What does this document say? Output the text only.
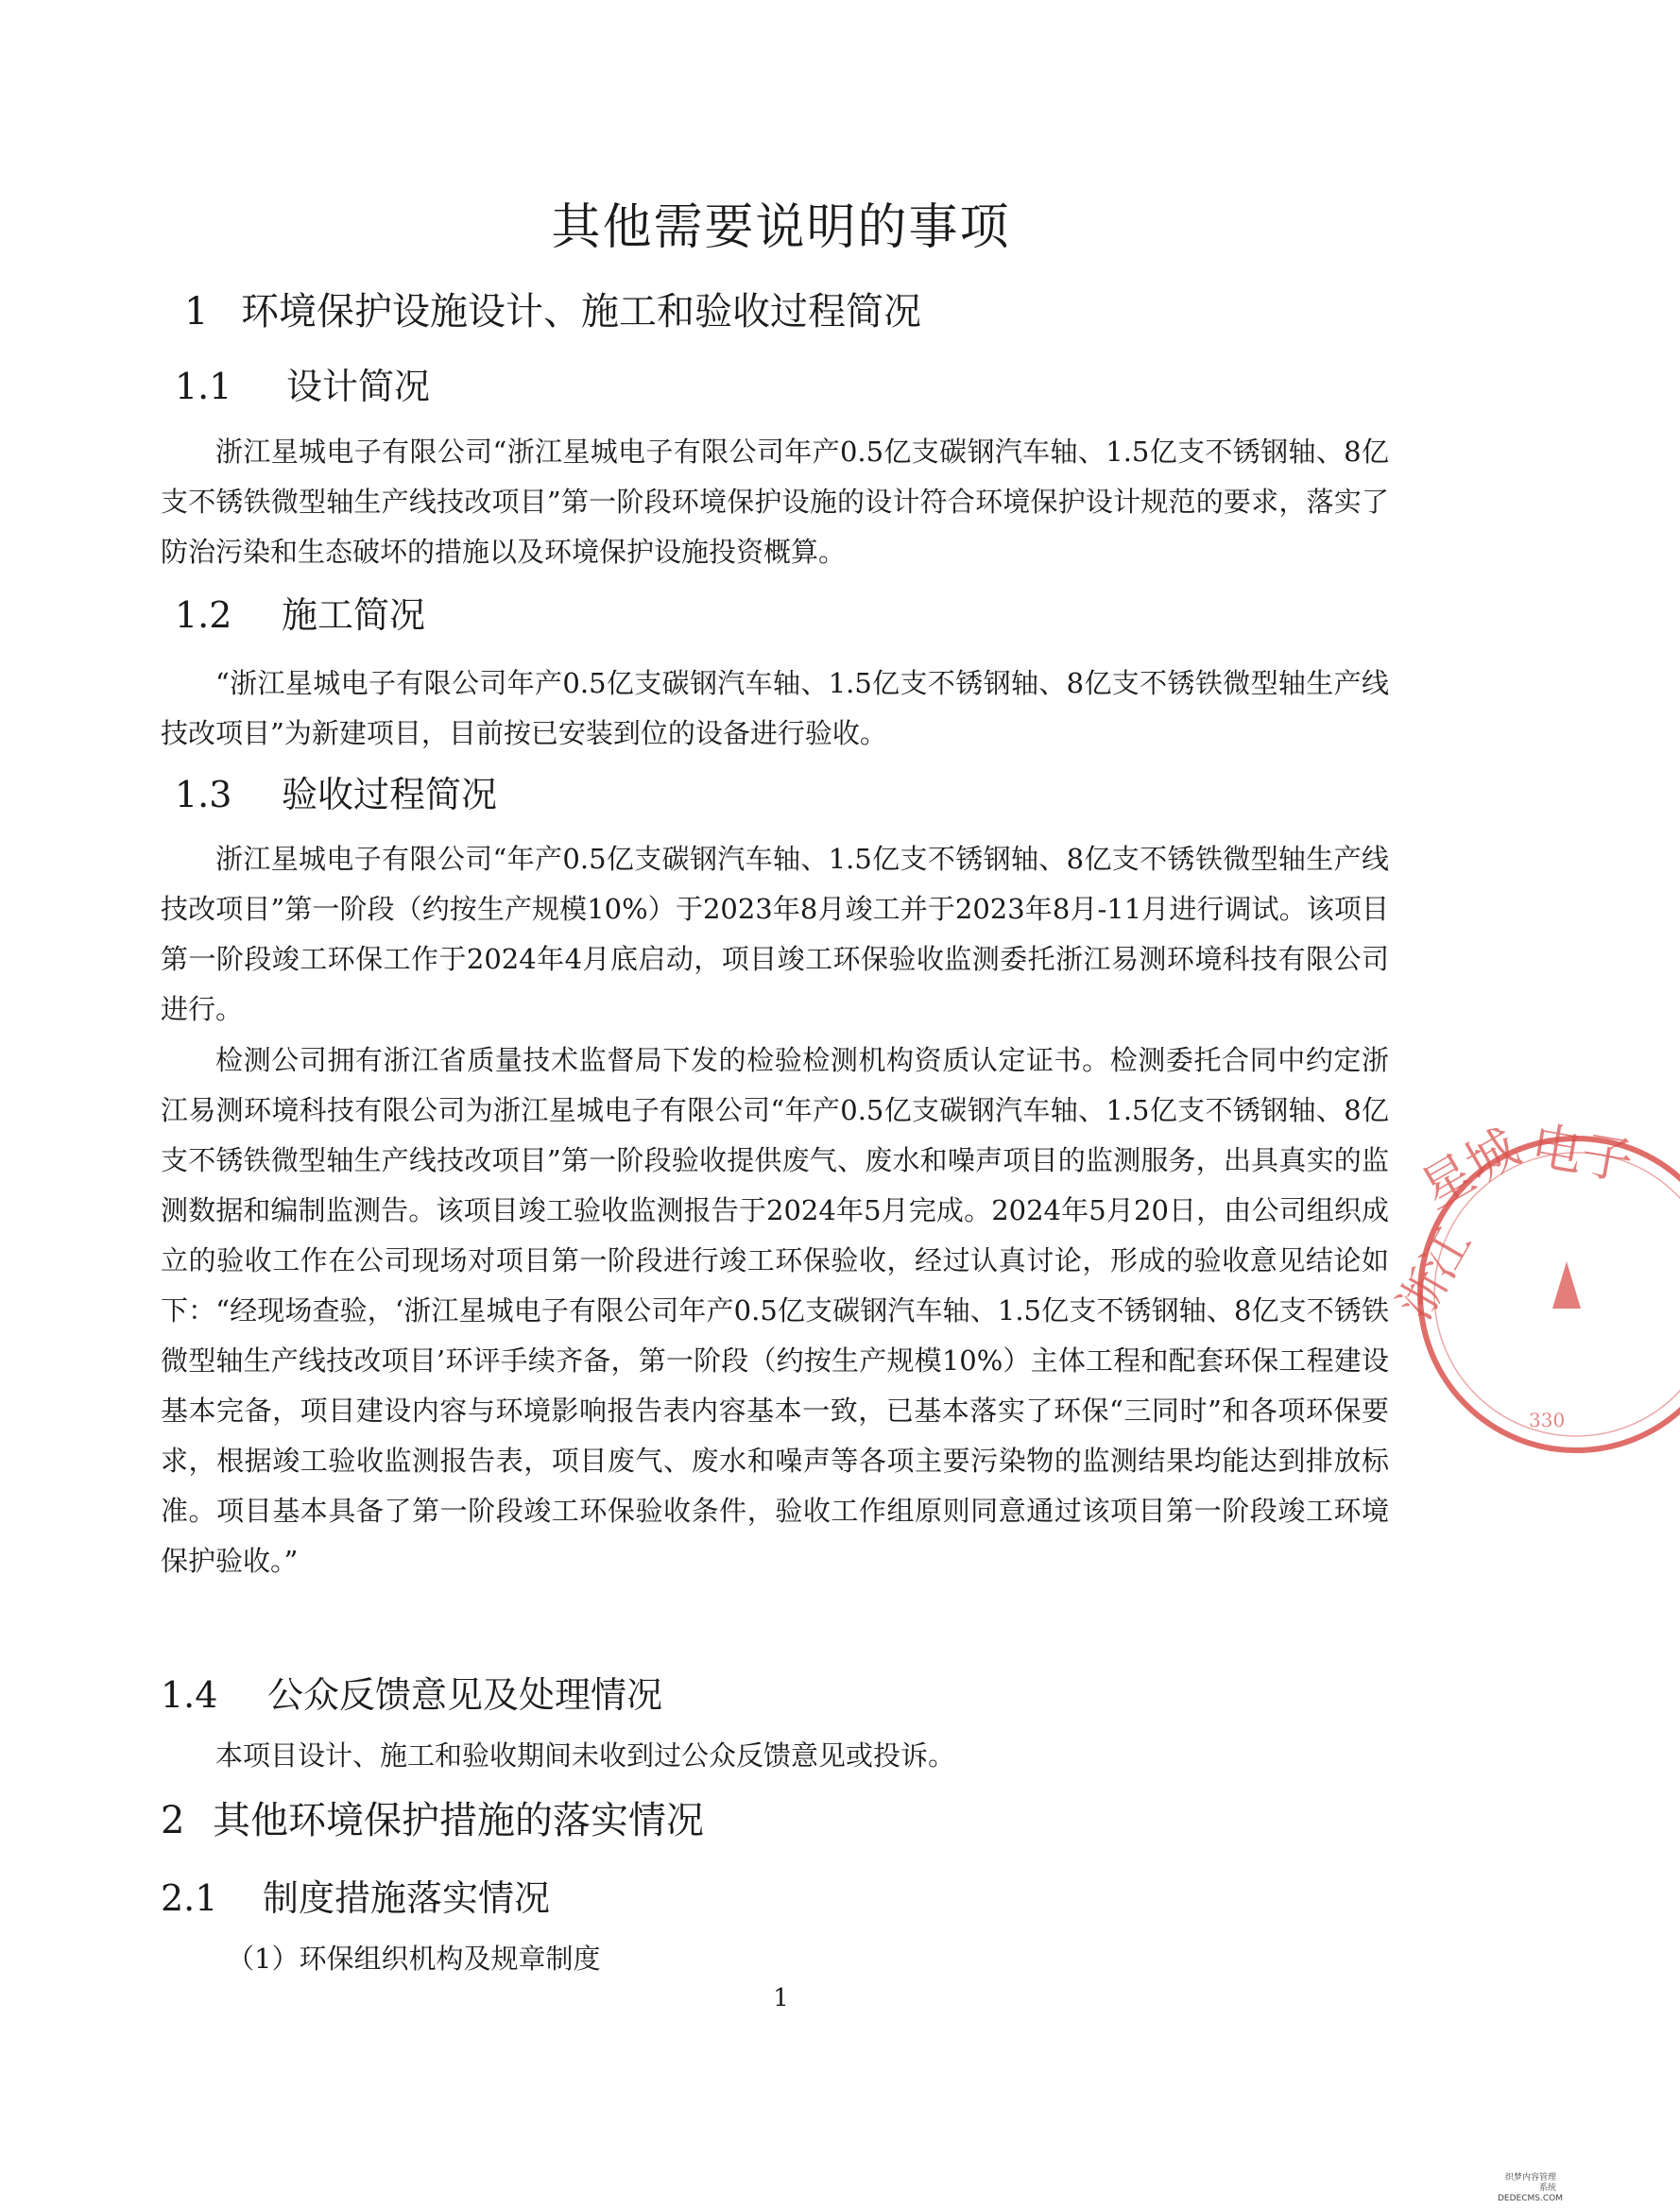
其他需要说明的事项
1 环境保护设施设计、施工和验收过程简况
1.1 设计简况
浙江星城电子有限公司“浙江星城电子有限公司年产0.5亿支碳钢汽车轴、1.5亿支不锈钢轴、8亿支不锈铁微型轴生产线技改项目”第一阶段环境保护设施的设计符合环境保护设计规范的要求，落实了防治污染和生态破坏的措施以及环境保护设施投资概算。
1.2 施工简况
“浙江星城电子有限公司年产0.5亿支碳钢汽车轴、1.5亿支不锈钢轴、8亿支不锈铁微型轴生产线技改项目”为新建项目，目前按已安装到位的设备进行验收。
1.3 验收过程简况
浙江星城电子有限公司“年产0.5亿支碳钢汽车轴、1.5亿支不锈钢轴、8亿支不锈铁微型轴生产线技改项目”第一阶段（约按生产规模10%）于2023年8月竣工并于2023年8月-11月进行调试。该项目第一阶段竣工环保工作于2024年4月底启动，项目竣工环保验收监测委托浙江易测环境科技有限公司进行。
检测公司拥有浙江省质量技术监督局下发的检验检测机构资质认定证书。检测委托合同中约定浙江易测环境科技有限公司为浙江星城电子有限公司“年产0.5亿支碳钢汽车轴、1.5亿支不锈钢轴、8亿支不锈铁微型轴生产线技改项目”第一阶段验收提供废气、废水和噪声项目的监测服务，出具真实的监测数据和编制监测告。该项目竣工验收监测报告于2024年5月完成。2024年5月20日，由公司组织成立的验收工作在公司现场对项目第一阶段进行竣工环保验收，经过认真讨论，形成的验收意见结论如下：“经现场查验，‘浙江星城电子有限公司年产0.5亿支碳钢汽车轴、1.5亿支不锈钢轴、8亿支不锈铁微型轴生产线技改项目’环评手续齐备，第一阶段（约按生产规模10%）主体工程和配套环保工程建设基本完备，项目建设内容与环境影响报告表内容基本一致，已基本落实了环保“三同时”和各项环保要求，根据竣工验收监测报告表，项目废气、废水和噪声等各项主要污染物的监测结果均能达到排放标准。项目基本具备了第一阶段竣工环保验收条件，验收工作组原则同意通过该项目第一阶段竣工环境保护验收。”
1.4 公众反馈意见及处理情况
本项目设计、施工和验收期间未收到过公众反馈意见或投诉。
2 其他环境保护措施的落实情况
2.1 制度措施落实情况
（1）环保组织机构及规章制度
1
浙江
星城
电子
330
织梦内容管理系统
DEDECMS.COM
